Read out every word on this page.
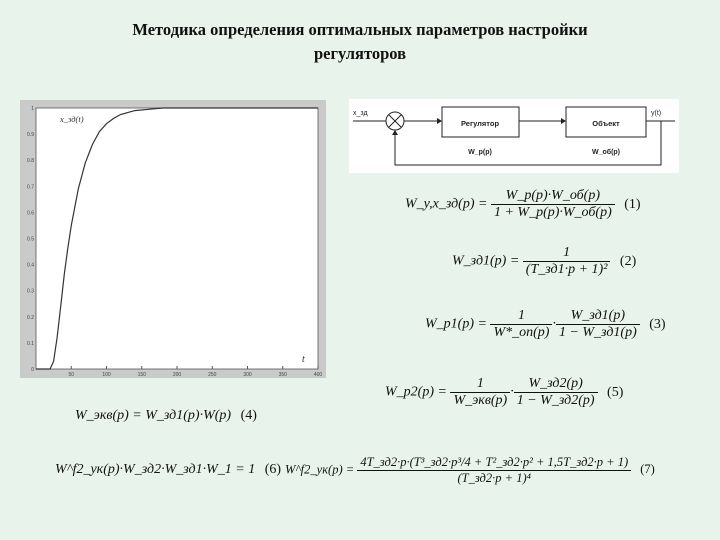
Методика определения оптимальных параметров настройки
регуляторов
1
0.9
0.8
0.7
0.6
0.5
0.4
0.3
0.2
0.1
0
50	100	150	200	250	300	350	400
x_зд(t)
t
x_зд
Регулятор
W_р(p)
Объект
W_об(p)
y(t)
W_y,x_зд(p) = $\frac{W\_p(p)\cdot W\_об(p)}{1 + W\_p(p)\cdot W\_об(p)} (1)$
W_зд1(p) = $\frac{1}{\text{(T\_зд1·p + 1)²}} (2)$
W_р1(p) = $\frac{1}{W*\_оп(p)} \cdot \frac{W\_зд1(p)}{1 - W\_зд1(p)} (3)$
W_р2(p) = $\frac{1}{\text{W\_экв(p)}} \cdot \frac{W\_зд2(p)}{1 - W\_зд2(p)} (5)$
W_экв(p) = W_зд1(p)·W(p) (4)
W^f2_ук(p)·W_зд2·W_зд1·W_1 = 1 (6) W^f2_ук(p) = $\frac{\text{4T\_зд2·p·(T³\_зд2·p³/4 + T²\_зд2·p² + 1,5T\_зд2·p + 1)}}{\text{(T\_зд2·p + 1)⁴}} (7)$
